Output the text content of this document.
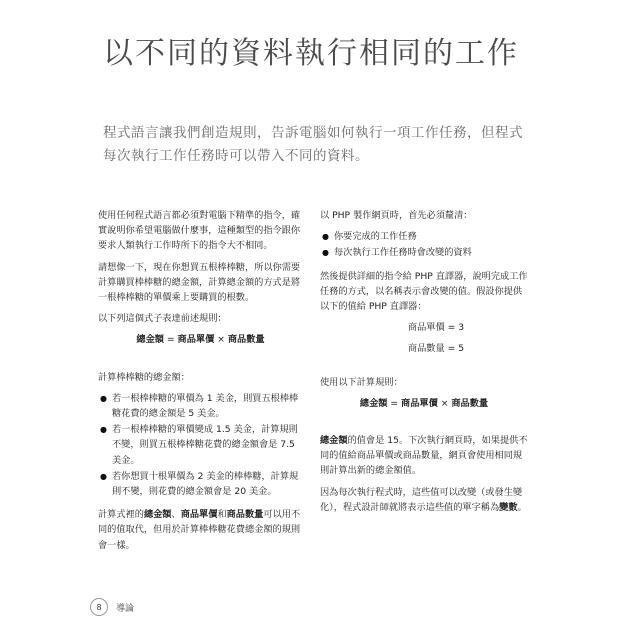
以不同的資料執行相同的工作
程式語言讓我們創造規則，告訴電腦如何執行一項工作任務，但程式每次執行工作任務時可以帶入不同的資料。

使用任何程式語言都必須對電腦下精準的指令，確實說明你希望電腦做什麼事，這種類型的指令跟你要求人類執行工作時所下的指令大不相同。

請想像一下，現在你想買五根棒棒糖，所以你需要計算購買棒棒糖的總金額，計算總金額的方式是將一根棒棒糖的單價乘上要購買的根數。

以下列這個式子表達前述規則：

總金額 = 商品單價 × 商品數量

計算棒棒糖的總金額：

● 若一根棒棒糖的單價為 1 美金，則買五根棒棒糖花費的總金額是 5 美金。
● 若一根棒棒糖的單價變成 1.5 美金，計算規則不變，則買五根棒棒糖花費的總金額會是 7.5 美金。
● 若你想買十根單價為 2 美金的棒棒糖，計算規則不變，則花費的總金額會是 20 美金。

計算式裡的總金額、商品單價和商品數量可以用不同的值取代，但用於計算棒棒糖花費總金額的規則會一樣。

以 PHP 製作網頁時，首先必須釐清：

● 你要完成的工作任務
● 每次執行工作任務時會改變的資料

然後提供詳細的指令給 PHP 直譯器，說明完成工作任務的方式，以名稱表示會改變的值。假設你提供以下的值給 PHP 直譯器：

商品單價 = 3
商品數量 = 5

使用以下計算規則：

總金額 = 商品單價 × 商品數量

總金額的值會是 15。下次執行網頁時，如果提供不同的值給商品單價或商品數量，網頁會使用相同規則計算出新的總金額值。

因為每次執行程式時，這些值可以改變（或發生變化），程式設計師就將表示這些值的單字稱為變數。

8	導論
